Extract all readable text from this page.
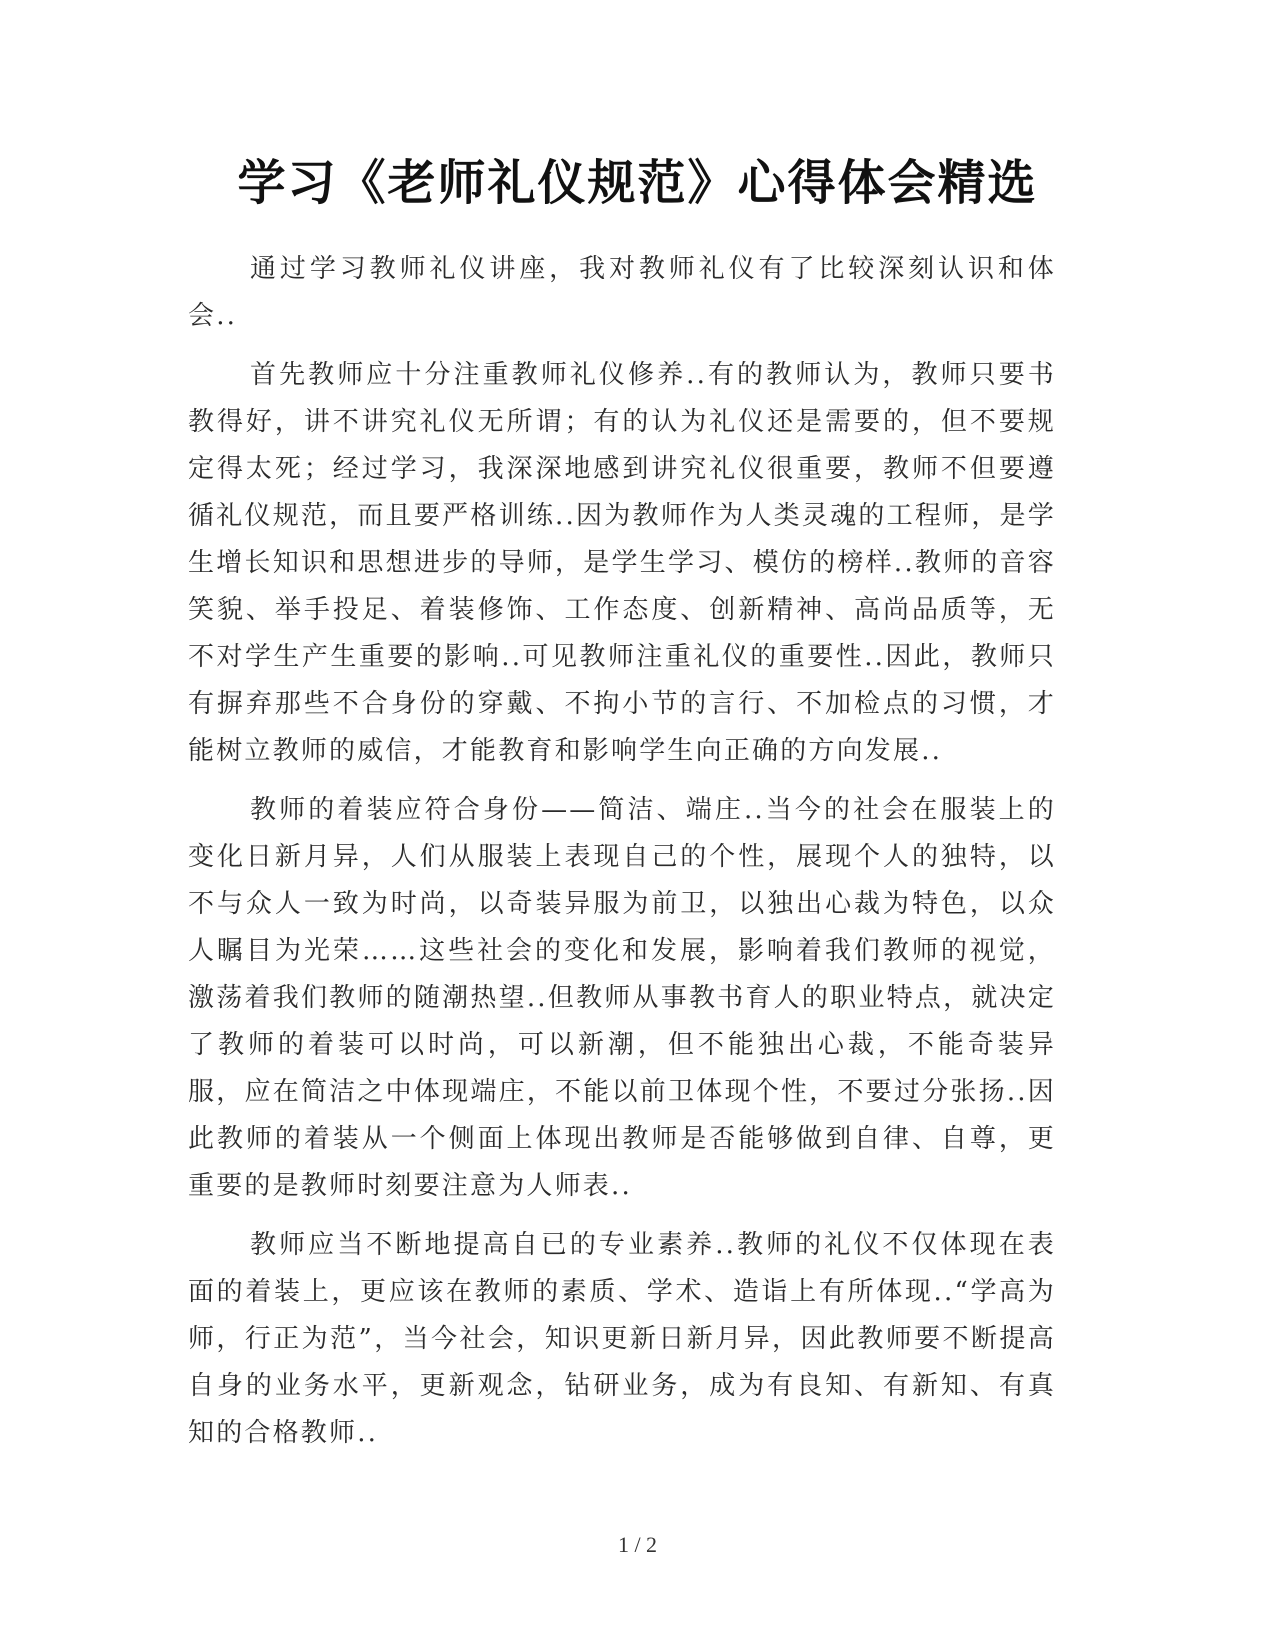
学习《老师礼仪规范》心得体会精选

通过学习教师礼仪讲座，我对教师礼仪有了比较深刻认识和体会..

首先教师应十分注重教师礼仪修养..有的教师认为，教师只要书教得好，讲不讲究礼仪无所谓；有的认为礼仪还是需要的，但不要规定得太死；经过学习，我深深地感到讲究礼仪很重要，教师不但要遵循礼仪规范，而且要严格训练..因为教师作为人类灵魂的工程师，是学生增长知识和思想进步的导师，是学生学习、模仿的榜样..教师的音容笑貌、举手投足、着装修饰、工作态度、创新精神、高尚品质等，无不对学生产生重要的影响..可见教师注重礼仪的重要性..因此，教师只有摒弃那些不合身份的穿戴、不拘小节的言行、不加检点的习惯，才能树立教师的威信，才能教育和影响学生向正确的方向发展..

教师的着装应符合身份——简洁、端庄..当今的社会在服装上的变化日新月异，人们从服装上表现自己的个性，展现个人的独特，以不与众人一致为时尚，以奇装异服为前卫，以独出心裁为特色，以众人瞩目为光荣……这些社会的变化和发展，影响着我们教师的视觉，激荡着我们教师的随潮热望..但教师从事教书育人的职业特点，就决定了教师的着装可以时尚，可以新潮，但不能独出心裁，不能奇装异服，应在简洁之中体现端庄，不能以前卫体现个性，不要过分张扬..因此教师的着装从一个侧面上体现出教师是否能够做到自律、自尊，更重要的是教师时刻要注意为人师表..

教师应当不断地提高自已的专业素养..教师的礼仪不仅体现在表面的着装上，更应该在教师的素质、学术、造诣上有所体现..“学高为师，行正为范”，当今社会，知识更新日新月异，因此教师要不断提高自身的业务水平，更新观念，钻研业务，成为有良知、有新知、有真知的合格教师..

1 / 2
